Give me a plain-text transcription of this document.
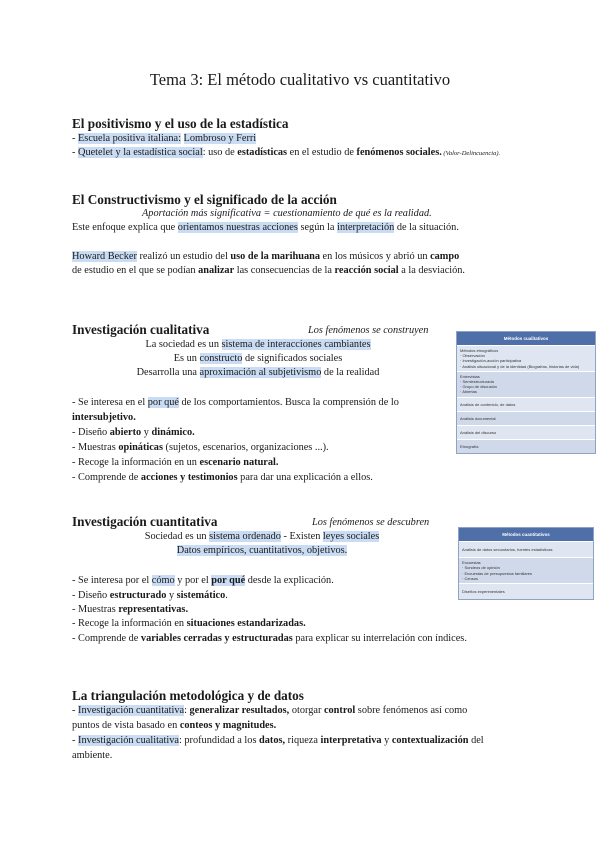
Tema 3: El método cualitativo vs cuantitativo
El positivismo y el uso de la estadística
- Escuela positiva italiana: Lombroso y Ferri
- Quetelet y la estadística social: uso de estadísticas en el estudio de fenómenos sociales. (Valor-Delincuencia).
El Constructivismo y el significado de la acción
Aportación más significativa = cuestionamiento de qué es la realidad.
Este enfoque explica que orientamos nuestras acciones según la interpretación de la situación.
Howard Becker realizó un estudio del uso de la marihuana en los músicos y abrió un campo
de estudio en el que se podían analizar las consecuencias de la reacción social a la desviación.
Investigación cualitativa	Los fenómenos se construyen
La sociedad es un sistema de interacciones cambiantes
Es un constructo de significados sociales
Desarrolla una aproximación al subjetivismo de la realidad
- Se interesa en el por qué de los comportamientos. Busca la comprensión de lo
intersubjetivo.
- Diseño abierto y dinámico.
- Muestras opináticas (sujetos, escenarios, organizaciones ...).
- Recoge la información en un escenario natural.
- Comprende de acciones y testimonios para dar una explicación a ellos.
Métodos cualitativos
Métodos etnográficos
· Observación
· Investigación-acción participativa
· Análisis situacional y de la identidad (Biografías, historias de vida)
Entrevistas
· Semiestructurada
· Grupo de discusión
· Abiertas
Análisis de contenido, de datos
Análisis documental
Análisis del discurso
Etnografía
Investigación cuantitativa	Los fenómenos se descubren
Sociedad es un sistema ordenado - Existen leyes sociales
Datos empíricos, cuantitativos, objetivos.
- Se interesa por el cómo y por el por qué desde la explicación.
- Diseño estructurado y sistemático.
- Muestras representativas.
- Recoge la información en situaciones estandarizadas.
- Comprende de variables cerradas y estructuradas para explicar su interrelación con índices.
Métodos cuantitativos
Análisis de datos secundarios, fuentes estadísticas
Encuestas
· Sondeos de opinión
· Encuestas de presupuestos familiares
· Censos
Diseños experimentales
La triangulación metodológica y de datos
- Investigación cuantitativa: generalizar resultados, otorgar control sobre fenómenos así como
puntos de vista basado en conteos y magnitudes.
- Investigación cualitativa: profundidad a los datos, riqueza interpretativa y contextualización del
ambiente.
